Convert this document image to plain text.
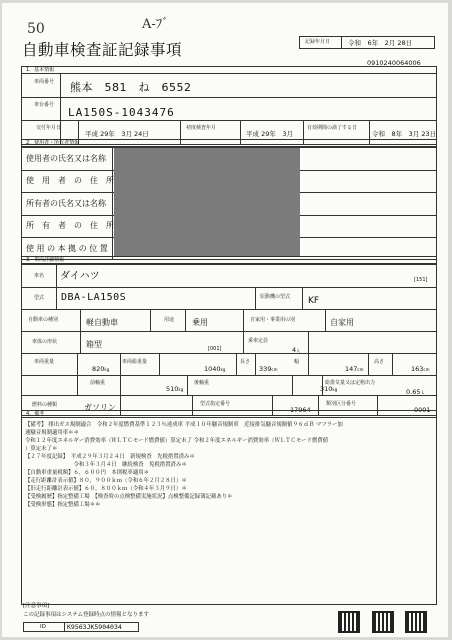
50	A-ﾌﾞ
自動車検査証記録事項	記録年月日	令和　6年　2月 28日
0910240064006
1．基本情報
車両番号 熊本　581　ね　6552
車台番号
LA150S-1043476
交付年月日
平成 29年　3月 24日
初度検査年月
平成 29年　3月
有効期間の満了する日
令和　8年　3月 23日
2．使用者・所有者情報
使用者の氏名又は名称
使　用　者　の　住　所
所有者の氏名又は名称
所　有　者　の　住　所
使 用 の 本 拠 の 位 置
3．車両詳細情報
車名 ダイハツ	[151]
型式 DBA-LA150S	原動機の型式 KF
自動車の種別	軽自動車	用途 乗用	自家用・事業用の別	自家用
車体の形状	箱型	[001]
乗車定員
4人
車両重量
820kg
車両総重量
1040kg
長さ
339cm
幅
147cm
高さ
163cm
前軸重
510kg
後軸重
310kg
総排気量又は定格出力
0.65 L
燃料の種類	ガソリン	型式指定番号
17964
類別区分番号
0001
4．備考
【備考】 排出ガス規制適合　令和２年度燃費基準１２３％達成車 平成１０年騒音規制車　近接排気騒音規制値９６ｄＢ マフラー加
速騒音規制適用車＊＊
令和１２年度エネルギー消費効率（ＷＬＴＣモード燃費値）算定未了 令和２年度エネルギー消費効率（ＷＬＴＣモード燃費値
）算定未了＊
【２７年度記録】　平成２９年３月２４日　新規検査　先税措置済み＊
　　　　　　　　　令和３年３月４日　継続検査　免税措置済み＊
【自動車重量税額】６，６００円　本則税率適用＊
【走行距離計表示値】８０，９００ｋｍ（令和６年２月２８日）＊
【旧走行距離計表示値】６０，８００ｋｍ（令和４年３月９日）＊
【受検履歴】指定整備工場　【検査時の点検整備実施状況】点検整備記録簿記載あり＊
【受検形態】指定整備工場＊＊
[注意事項]
この記録事項はシステム登録時点の情報となります
ID	K9563JK5904034
